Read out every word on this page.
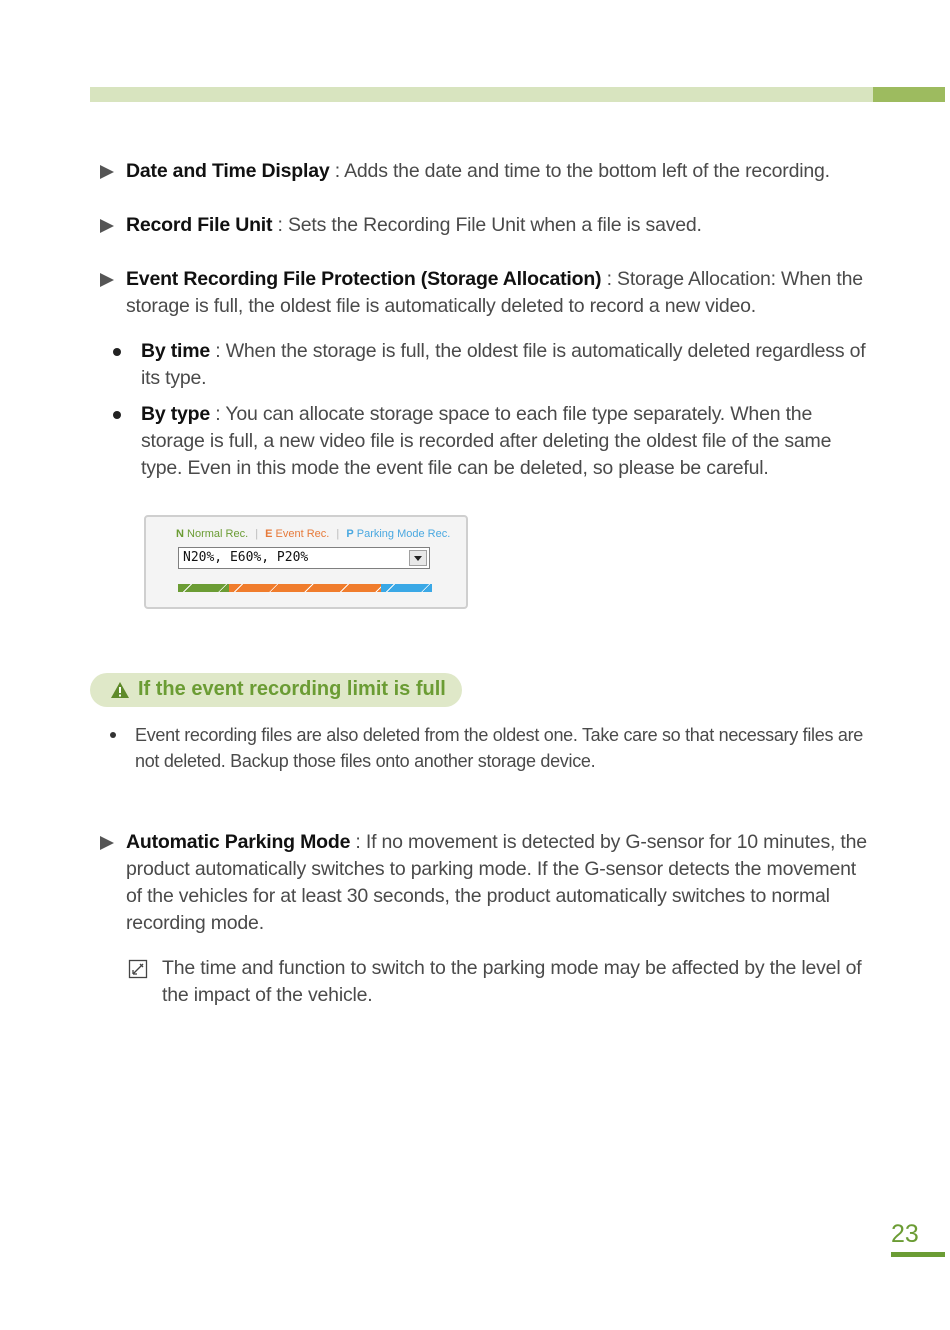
Date and Time Display : Adds the date and time to the bottom left of the recording.
Record File Unit : Sets the Recording File Unit when a file is saved.
Event Recording File Protection (Storage Allocation) : Storage Allocation: When the storage is full, the oldest file is automatically deleted to record a new video.
By time : When the storage is full, the oldest file is automatically deleted regardless of its type.
By type : You can allocate storage space to each file type separately. When the storage is full, a new video file is recorded after deleting the oldest file of the same type. Even in this mode the event file can be deleted, so please be careful.
N Normal Rec. | E Event Rec. | P Parking Mode Rec.
N20%, E60%, P20%
If the event recording limit is full
Event recording files are also deleted from the oldest one. Take care so that necessary files are not deleted. Backup those files onto another storage device.
Automatic Parking Mode : If no movement is detected by G-sensor for 10 minutes, the product automatically switches to parking mode. If the G-sensor detects the movement of the vehicles for at least 30 seconds, the product automatically switches to normal recording mode.
The time and function to switch to the parking mode may be affected by the level of the impact of the vehicle.
23
